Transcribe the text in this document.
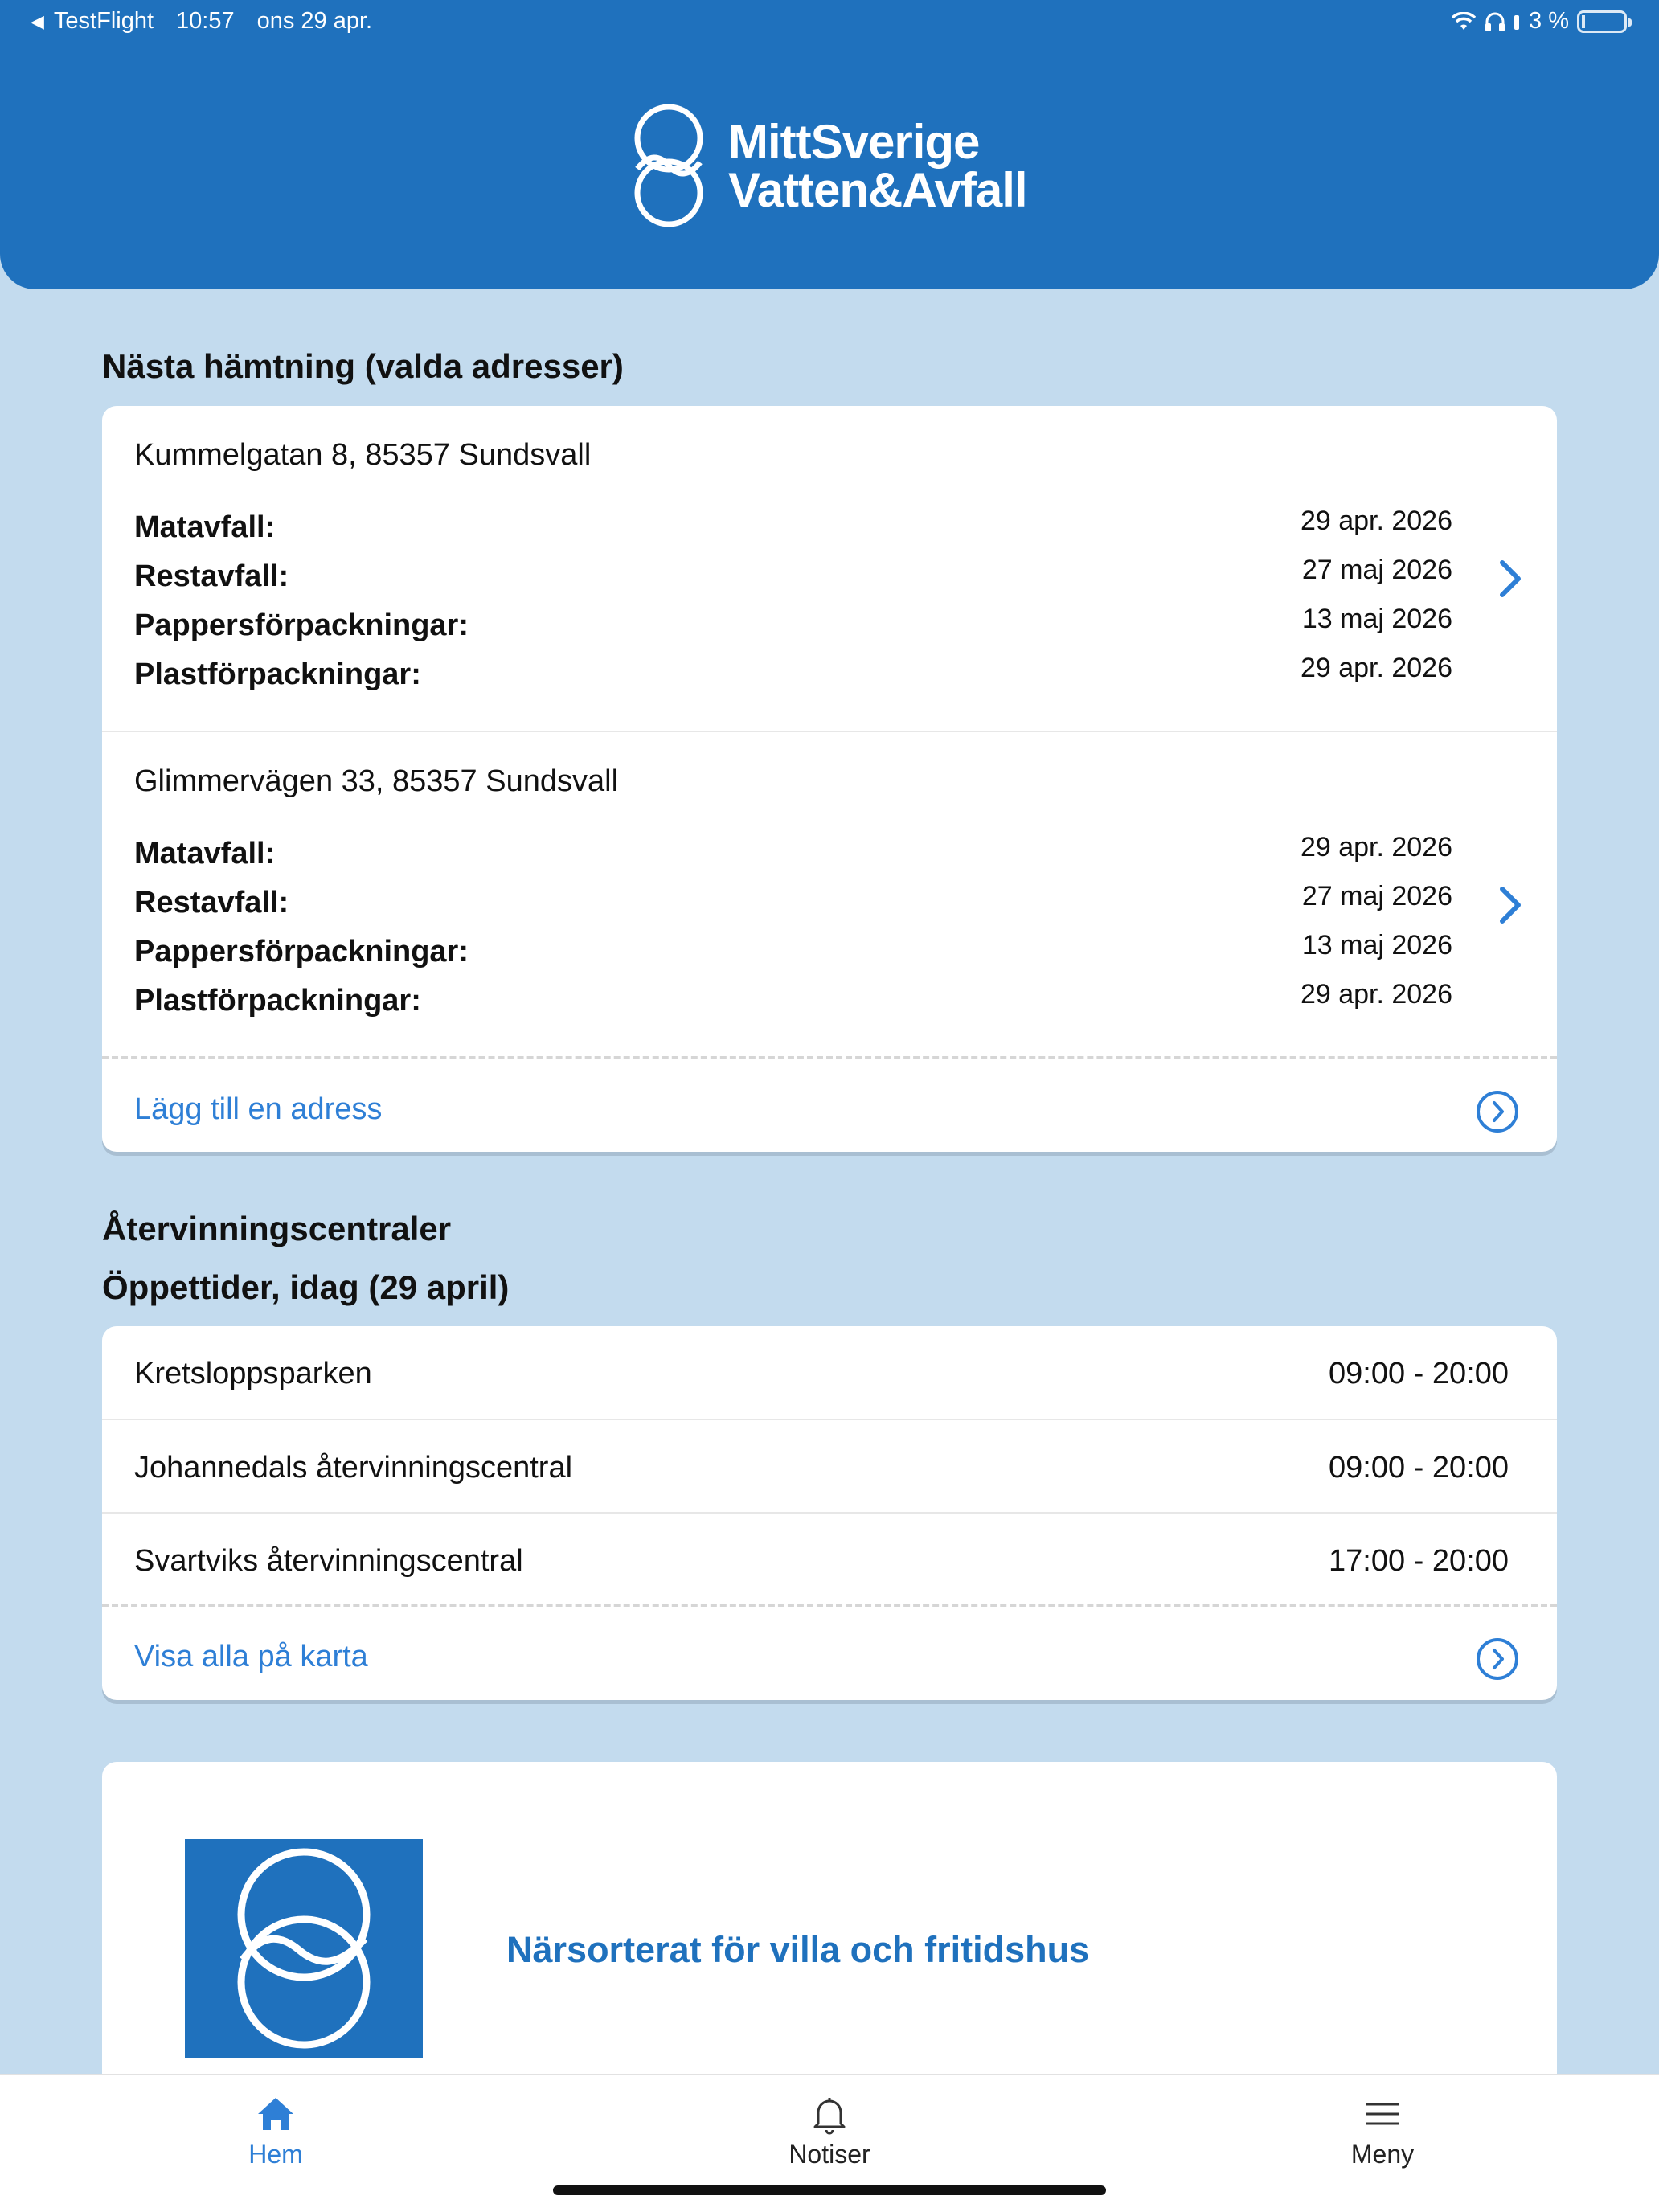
◀ TestFlight 10:57 ons 29 apr.	3 %
MittSverige
Vatten&Avfall
Nästa hämtning (valda adresser)
Kummelgatan 8, 85357 Sundsvall
Matavfall:	29 apr. 2026
Restavfall:	27 maj 2026
Pappersförpackningar:	13 maj 2026
Plastförpackningar:	29 apr. 2026
Glimmervägen 33, 85357 Sundsvall
Matavfall:	29 apr. 2026
Restavfall:	27 maj 2026
Pappersförpackningar:	13 maj 2026
Plastförpackningar:	29 apr. 2026
Lägg till en adress
Återvinningscentraler
Öppettider, idag (29 april)
Kretsloppsparken	09:00 - 20:00
Johannedals återvinningscentral	09:00 - 20:00
Svartviks återvinningscentral	17:00 - 20:00
Visa alla på karta
Närsorterat för villa och fritidshus
Hem	Notiser	Meny
